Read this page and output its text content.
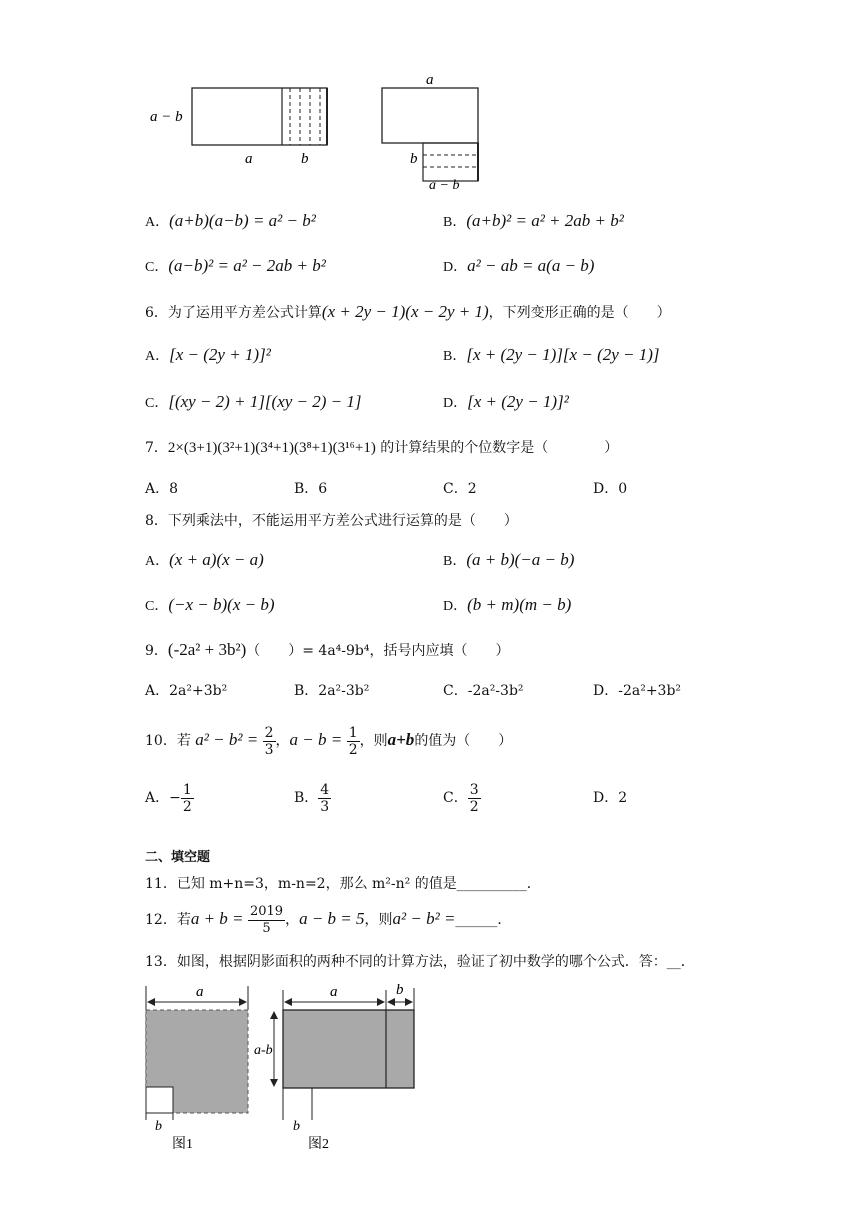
a − b
a	b
a
b
a − b
A．(a+b)(a−b) = a² − b²	B．(a+b)² = a² + 2ab + b²
C．(a−b)² = a² − 2ab + b²	D．a² − ab = a(a − b)
6．为了运用平方差公式计算(x + 2y − 1)(x − 2y + 1)，下列变形正确的是（　　）
A．[x − (2y + 1)]²	B．[x + (2y − 1)][x − (2y − 1)]
C．[(xy − 2) + 1][(xy − 2) − 1]	D．[x + (2y − 1)]²
7．2×(3+1)(3²+1)(3⁴+1)(3⁸+1)(3¹⁶+1) 的计算结果的个位数字是（　　　　）
A．8	B．6	C．2	D．0
8．下列乘法中，不能运用平方差公式进行运算的是（　　）
A．(x + a)(x − a)	B．(a + b)(−a − b)
C．(−x − b)(x − b)	D．(b + m)(m − b)
9．(-2a² + 3b²)（　　）= 4a⁴-9b⁴，括号内应填（　　）
A．2a²+3b²	B．2a²-3b²	C．-2a²-3b²	D．-2a²+3b²
10．若 $a^2 - b^2 = \frac{2}{3}$ ，$a - b = \frac{1}{2}$ ，则a+b的值为（　　）
A．− $\frac{1}{2}$	B． $\frac{4}{3}$	C． $\frac{3}{2}$	D．2
二、填空题
11．已知 m+n=3，m-n=2，那么 m²-n² 的值是__________．
12．若$a + b = \frac{2019}{5}$ ，a − b = 5，则a² − b² =______．
13．如图，根据阴影面积的两种不同的计算方法，验证了初中数学的哪个公式．答：__．
a
b
图1
a	b
a-b
b
图2
